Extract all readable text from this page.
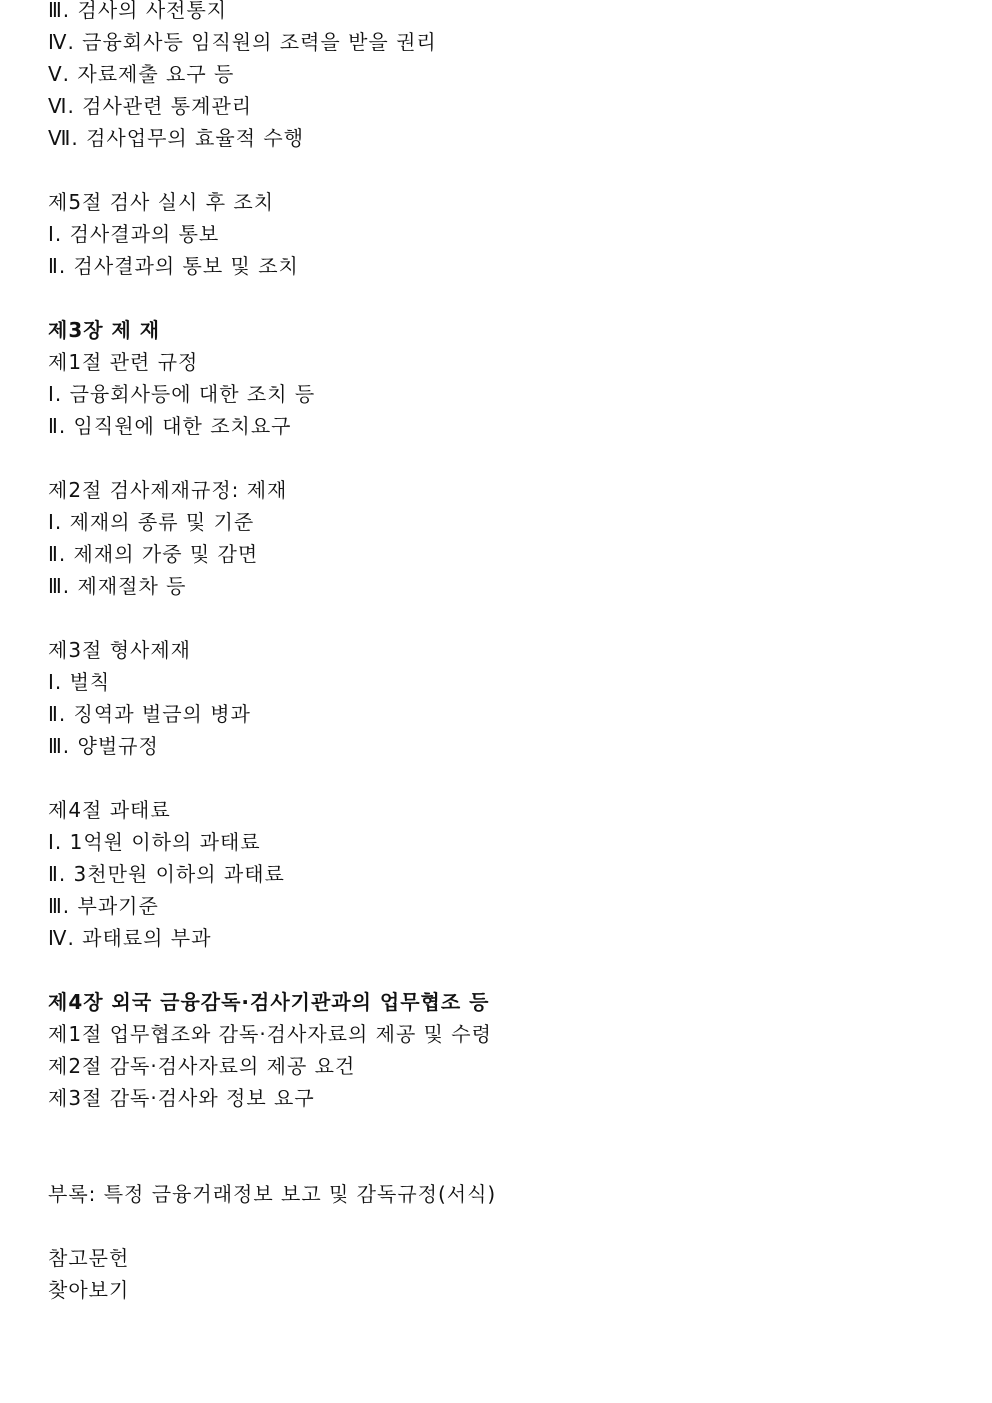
Ⅲ. 검사의 사전통지
Ⅳ. 금융회사등 임직원의 조력을 받을 권리
Ⅴ. 자료제출 요구 등
Ⅵ. 검사관련 통계관리
Ⅶ. 검사업무의 효율적 수행
제5절 검사 실시 후 조치
Ⅰ. 검사결과의 통보
Ⅱ. 검사결과의 통보 및 조치
제3장 제 재
제1절 관련 규정
Ⅰ. 금융회사등에 대한 조치 등
Ⅱ. 임직원에 대한 조치요구
제2절 검사제재규정: 제재
Ⅰ. 제재의 종류 및 기준
Ⅱ. 제재의 가중 및 감면
Ⅲ. 제재절차 등
제3절 형사제재
Ⅰ. 벌칙
Ⅱ. 징역과 벌금의 병과
Ⅲ. 양벌규정
제4절 과태료
Ⅰ. 1억원 이하의 과태료
Ⅱ. 3천만원 이하의 과태료
Ⅲ. 부과기준
Ⅳ. 과태료의 부과
제4장 외국 금융감독·검사기관과의 업무협조 등
제1절 업무협조와 감독·검사자료의 제공 및 수령
제2절 감독·검사자료의 제공 요건
제3절 감독·검사와 정보 요구
부록: 특정 금융거래정보 보고 및 감독규정(서식)
참고문헌
찾아보기
